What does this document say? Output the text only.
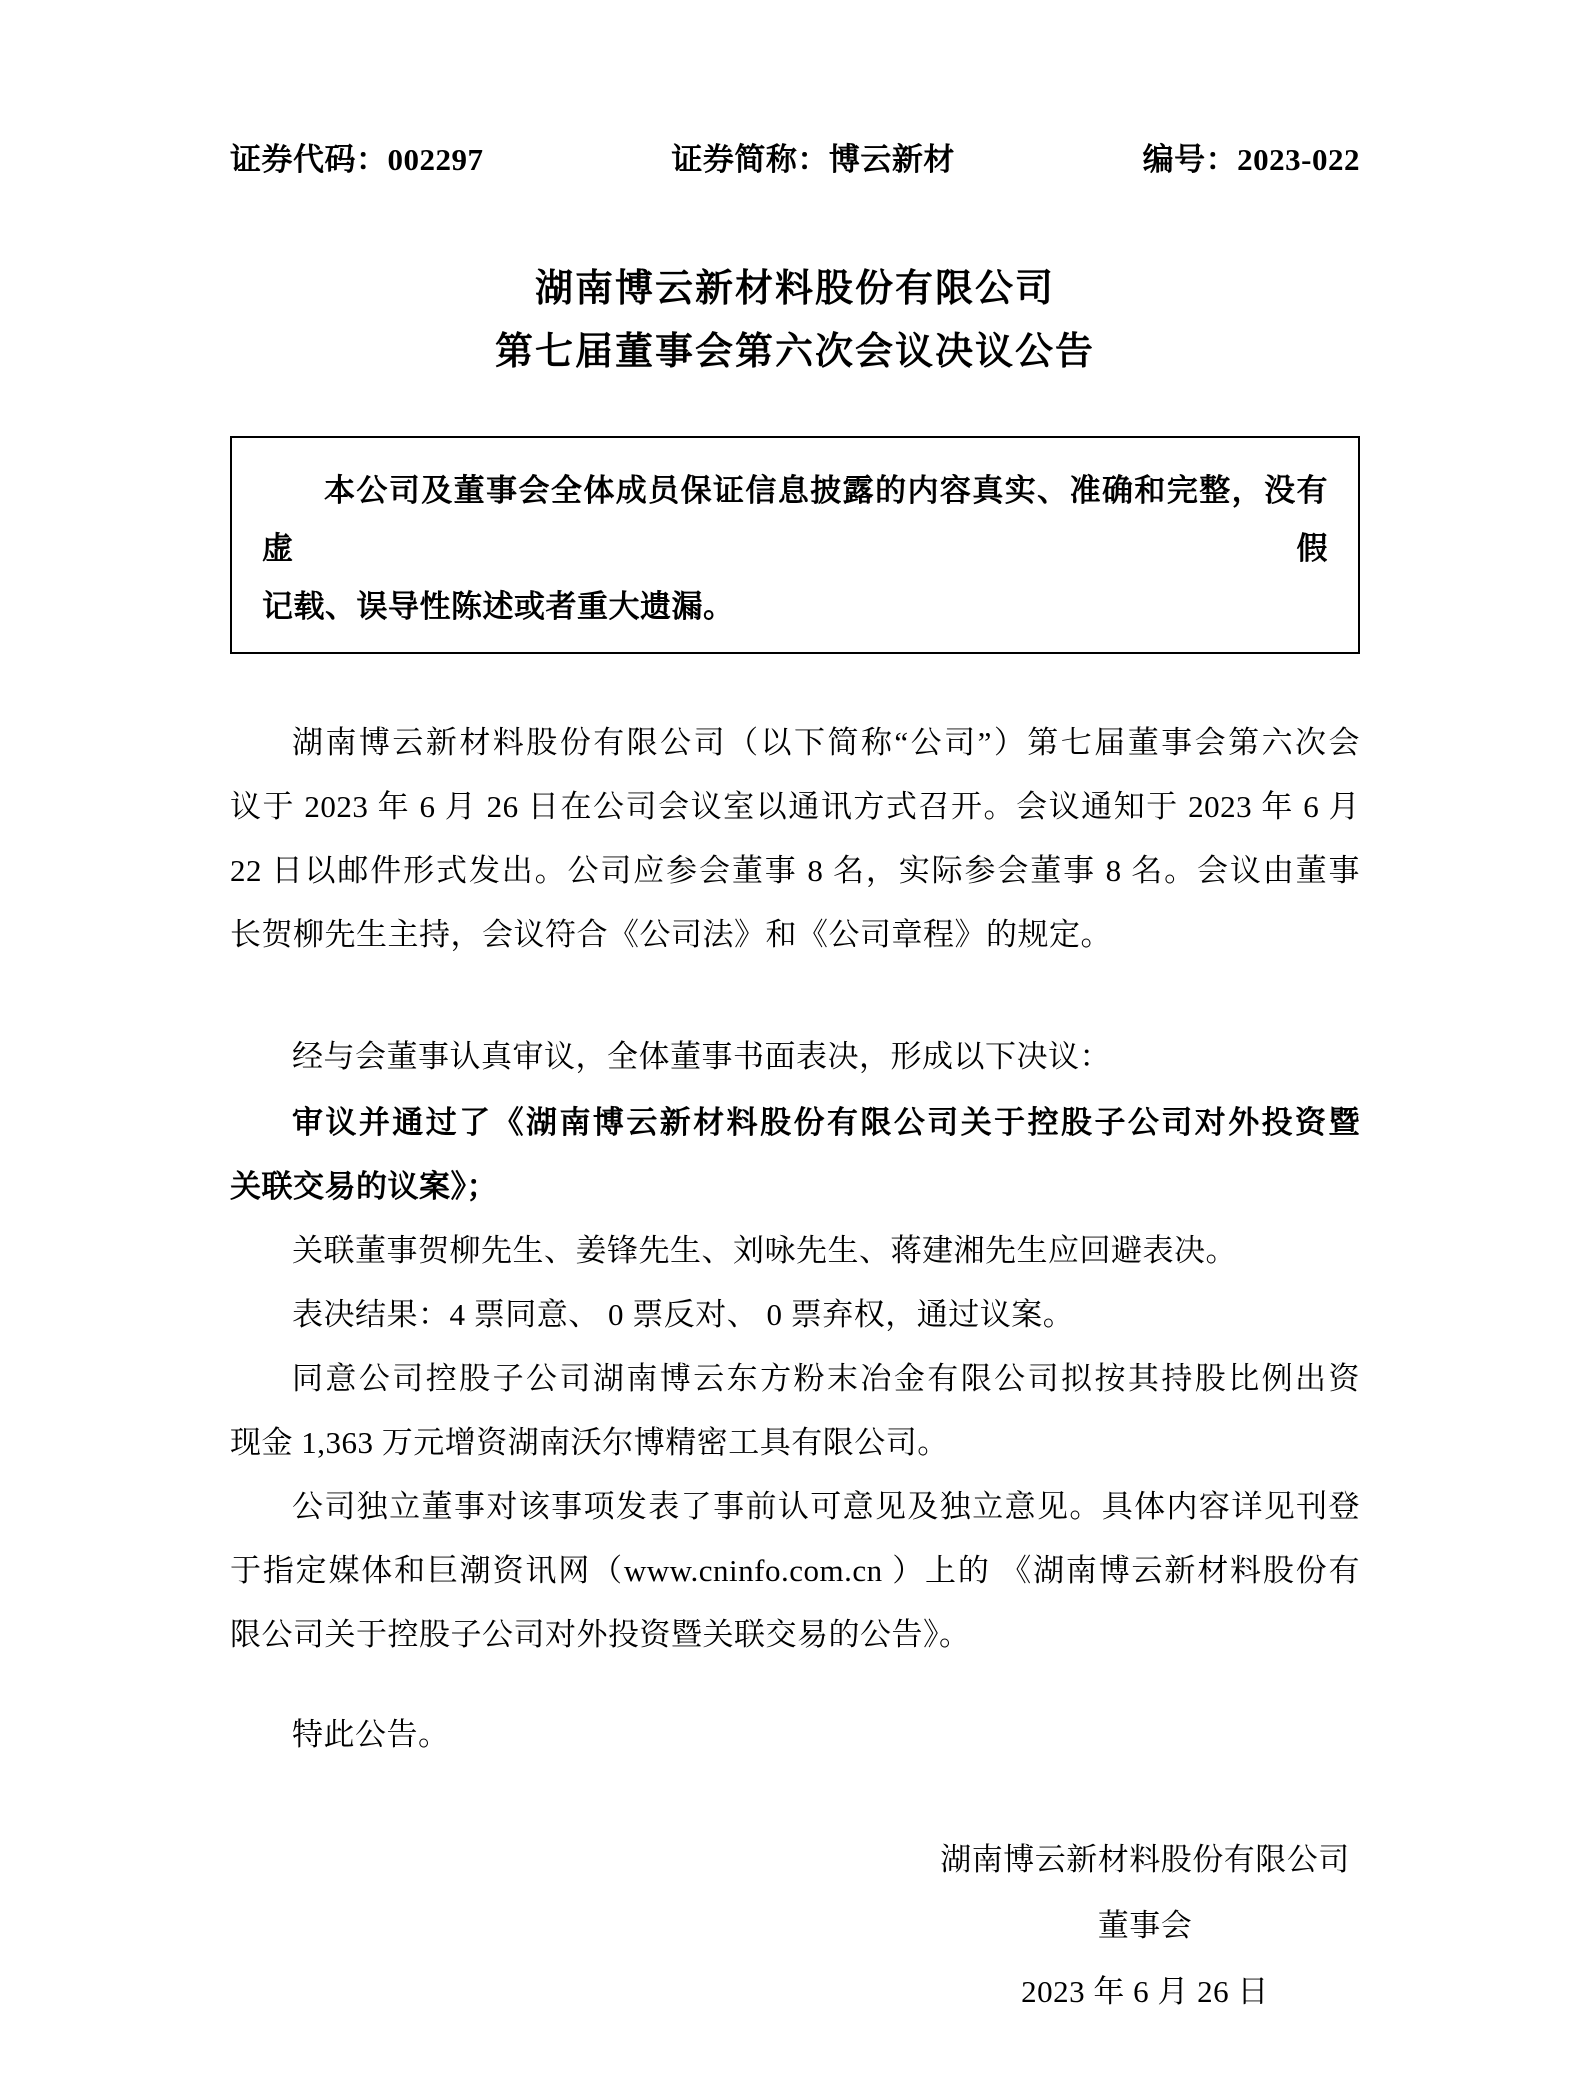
证券代码：002297	证券简称：博云新材	编号：2023-022
湖南博云新材料股份有限公司
第七届董事会第六次会议决议公告
本公司及董事会全体成员保证信息披露的内容真实、准确和完整，没有虚假
记载、误导性陈述或者重大遗漏。
湖南博云新材料股份有限公司（以下简称“公司”）第七届董事会第六次会
议于 2023 年 6 月 26 日在公司会议室以通讯方式召开。会议通知于 2023 年 6 月
22 日以邮件形式发出。公司应参会董事 8 名，实际参会董事 8 名。会议由董事
长贺柳先生主持，会议符合《公司法》和《公司章程》的规定。
经与会董事认真审议，全体董事书面表决，形成以下决议：
审议并通过了《湖南博云新材料股份有限公司关于控股子公司对外投资暨
关联交易的议案》；
关联董事贺柳先生、姜锋先生、刘咏先生、蒋建湘先生应回避表决。
表决结果：4 票同意、 0 票反对、 0 票弃权，通过议案。
同意公司控股子公司湖南博云东方粉末冶金有限公司拟按其持股比例出资
现金 1,363 万元增资湖南沃尔博精密工具有限公司。
公司独立董事对该事项发表了事前认可意见及独立意见。具体内容详见刊登
于指定媒体和巨潮资讯网（www.cninfo.com.cn ）上的 《湖南博云新材料股份有
限公司关于控股子公司对外投资暨关联交易的公告》。
特此公告。
湖南博云新材料股份有限公司
董事会
2023 年 6 月 26 日
